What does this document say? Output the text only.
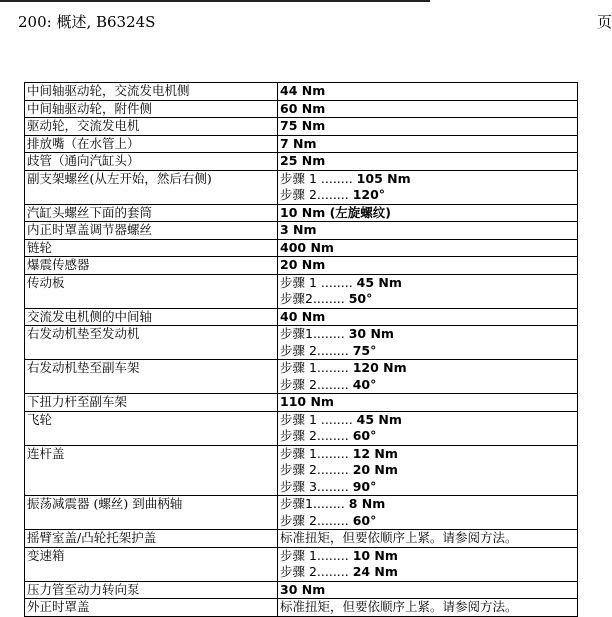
200: 概述, B6324S	页
中间轴驱动轮，交流发电机侧	44 Nm
中间轴驱动轮，附件侧	60 Nm
驱动轮，交流发电机	75 Nm
排放嘴（在水管上）	7 Nm
歧管（通向汽缸头）	25 Nm
副支架螺丝(从左开始，然后右侧)	步骤 1 ........ 105 Nm
步骤 2........ 120°

汽缸头螺丝下面的套筒	10 Nm (左旋螺纹)
内正时罩盖调节器螺丝	3 Nm
链轮	400 Nm
爆震传感器	20 Nm
传动板	步骤 1 ........ 45 Nm
步骤2........ 50°

交流发电机侧的中间轴	40 Nm
右发动机垫至发动机	步骤1........ 30 Nm
步骤 2........ 75°

右发动机垫至副车架	步骤 1........ 120 Nm
步骤 2........ 40°

下扭力杆至副车架	110 Nm
飞轮	步骤 1 ........ 45 Nm
步骤 2........ 60°

连杆盖	步骤 1........ 12 Nm
步骤 2........ 20 Nm
步骤 3........ 90°

振荡减震器 (螺丝) 到曲柄轴	步骤1........ 8 Nm
步骤 2........ 60°

摇臂室盖/凸轮托架护盖	标准扭矩，但要依顺序上紧。请参阅方法。
变速箱	步骤 1........ 10 Nm
步骤 2........ 24 Nm

压力管至动力转向泵	30 Nm
外正时罩盖	标准扭矩，但要依顺序上紧。请参阅方法。
